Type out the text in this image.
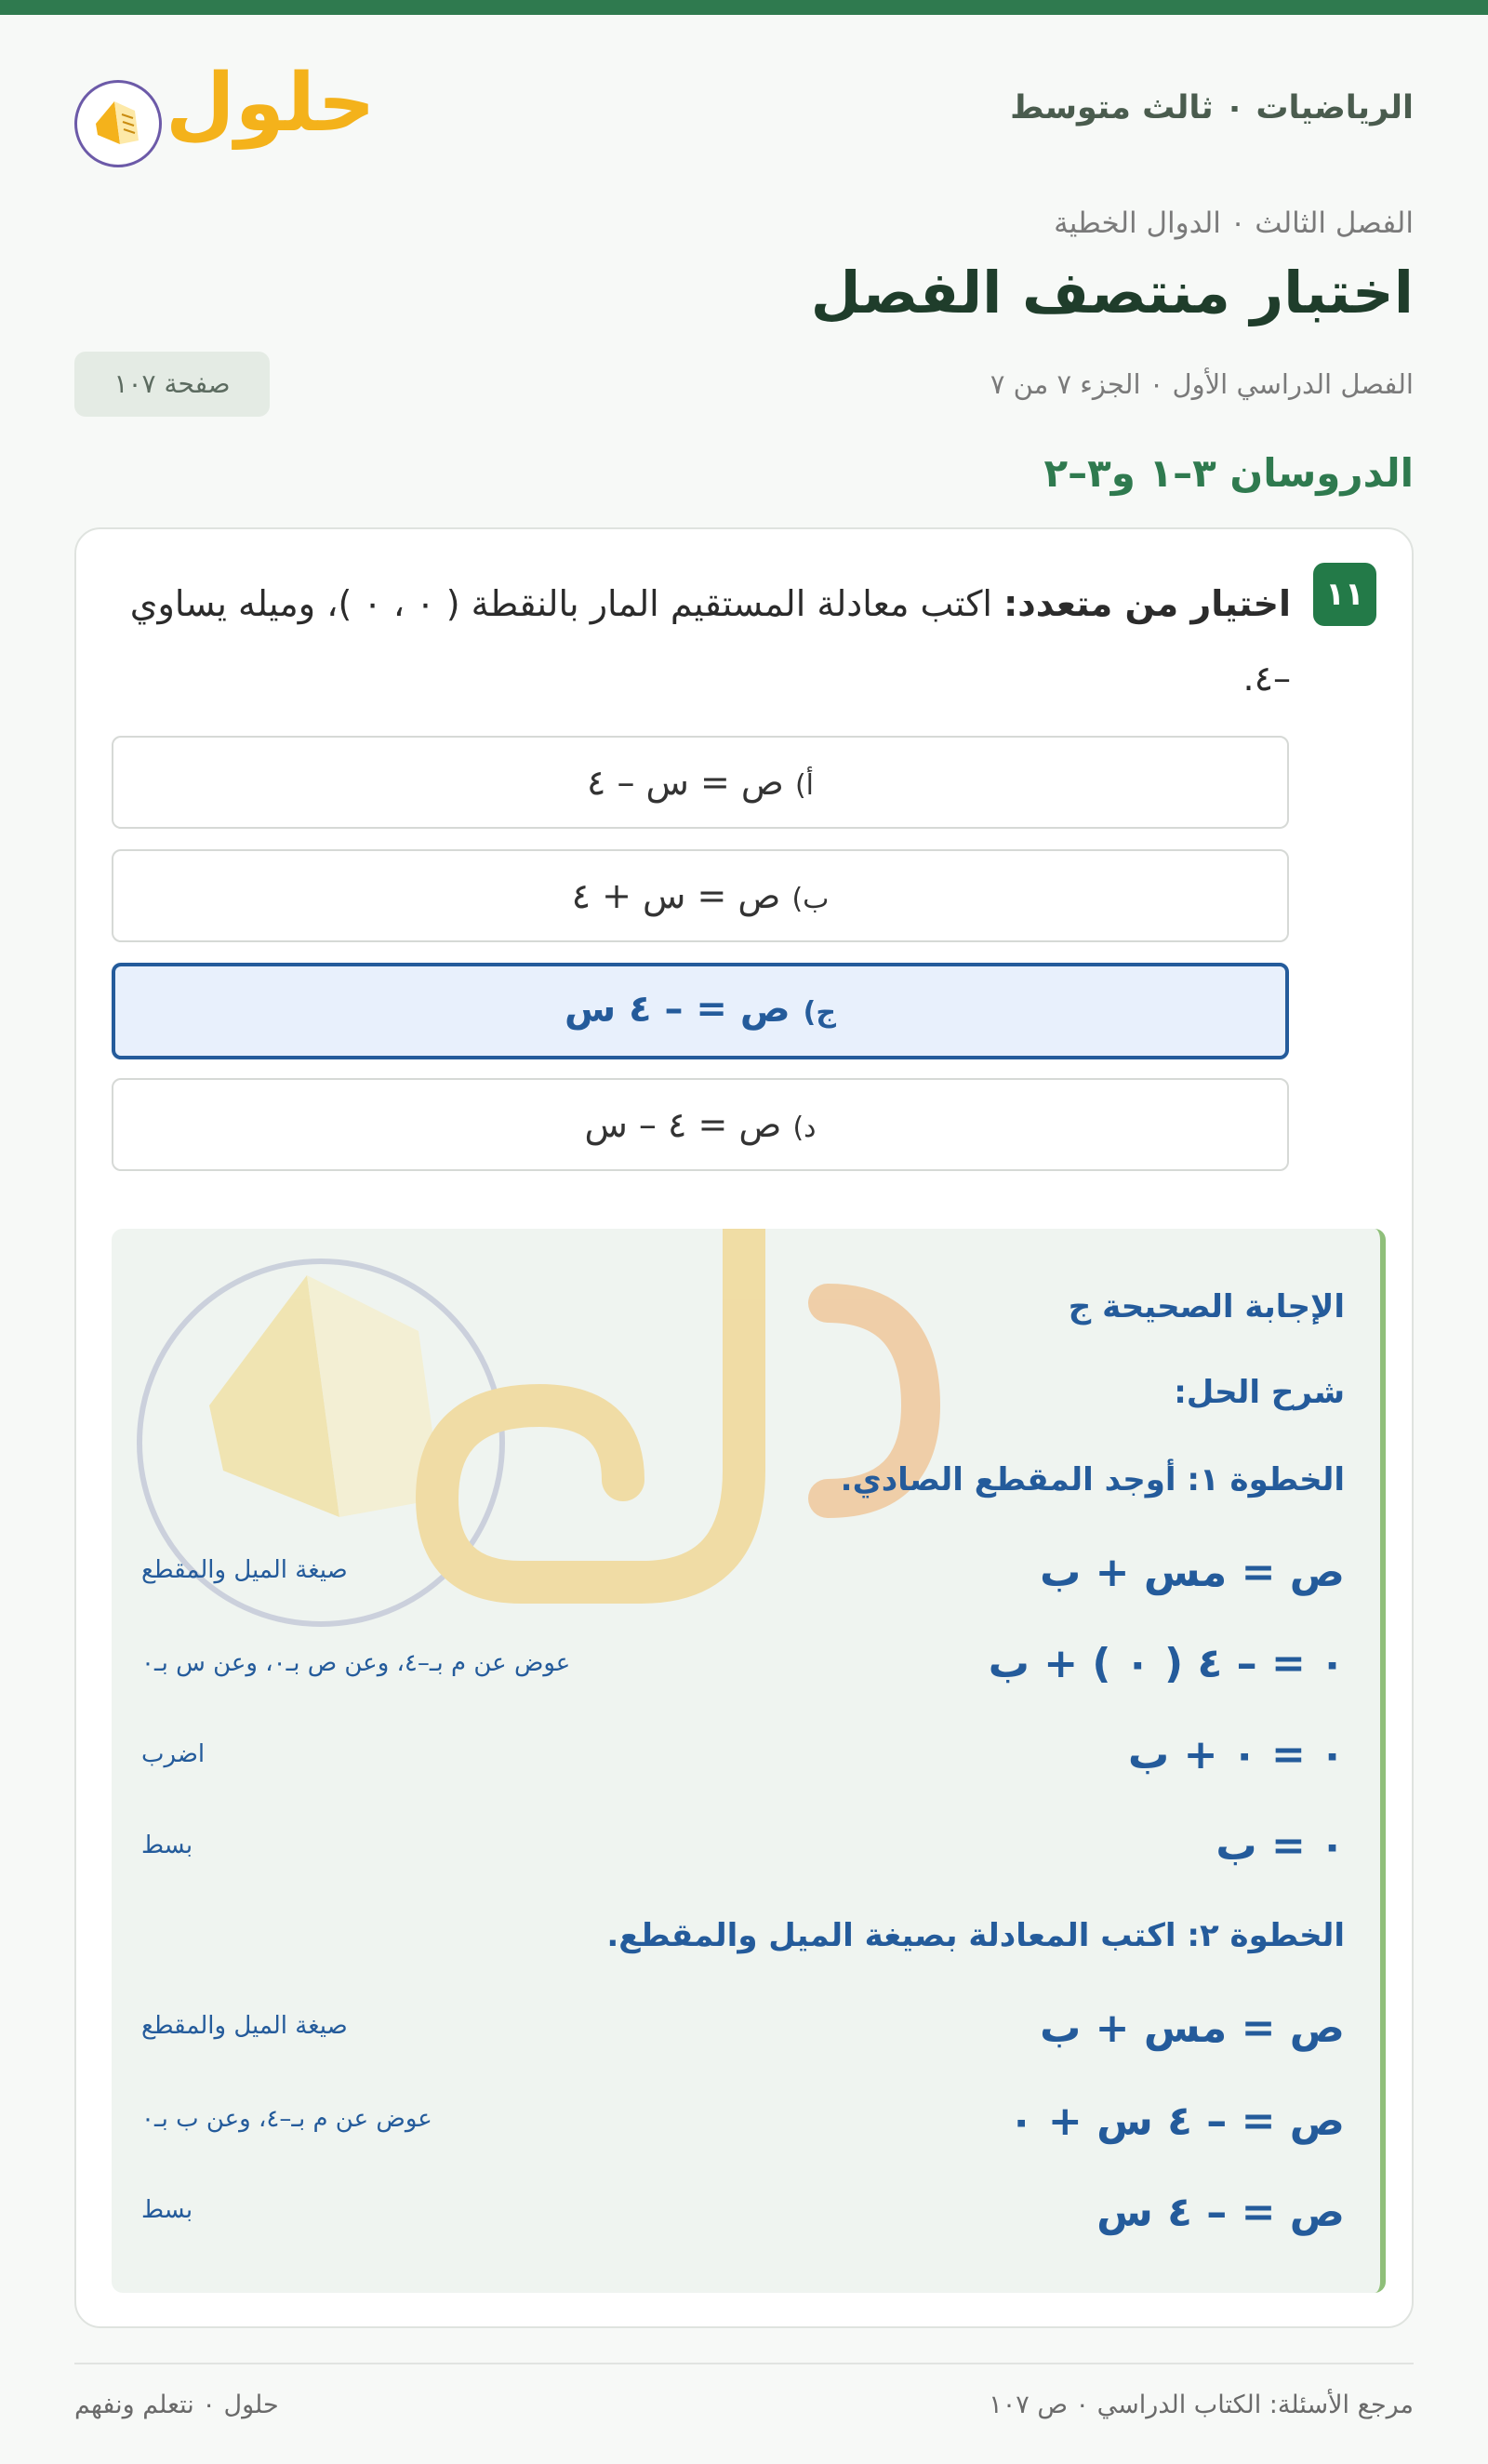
الرياضيات ٠ ثالث متوسط
حلول
الفصل الثالث ٠ الدوال الخطية
اختبار منتصف الفصل
الفصل الدراسي الأول ٠ الجزء ٧ من ٧
صفحة ١٠٧
الدروسان ٣–١ و٣–٢
١١
اختيار من متعدد: اكتب معادلة المستقيم المار بالنقطة ( ٠ ، ٠ )، وميله يساوي –٤.
أ) ص = س – ٤
ب) ص = س + ٤
ج) ص = – ٤ س
د) ص = ٤ – س
الإجابة الصحيحة ج
شرح الحل:
الخطوة ١: أوجد المقطع الصادي.
ص = مس + ب
صيغة الميل والمقطع
٠ = – ٤ ( ٠ ) + ب
عوض عن م بـ–٤، وعن ص بـ٠، وعن س بـ٠
٠ = ٠ + ب
اضرب
٠ = ب
بسط
الخطوة ٢: اكتب المعادلة بصيغة الميل والمقطع.
ص = مس + ب
صيغة الميل والمقطع
ص = – ٤ س + ٠
عوض عن م بـ–٤، وعن ب بـ٠
ص = – ٤ س
بسط
مرجع الأسئلة: الكتاب الدراسي ٠ ص ١٠٧
حلول ٠ نتعلم ونفهم
